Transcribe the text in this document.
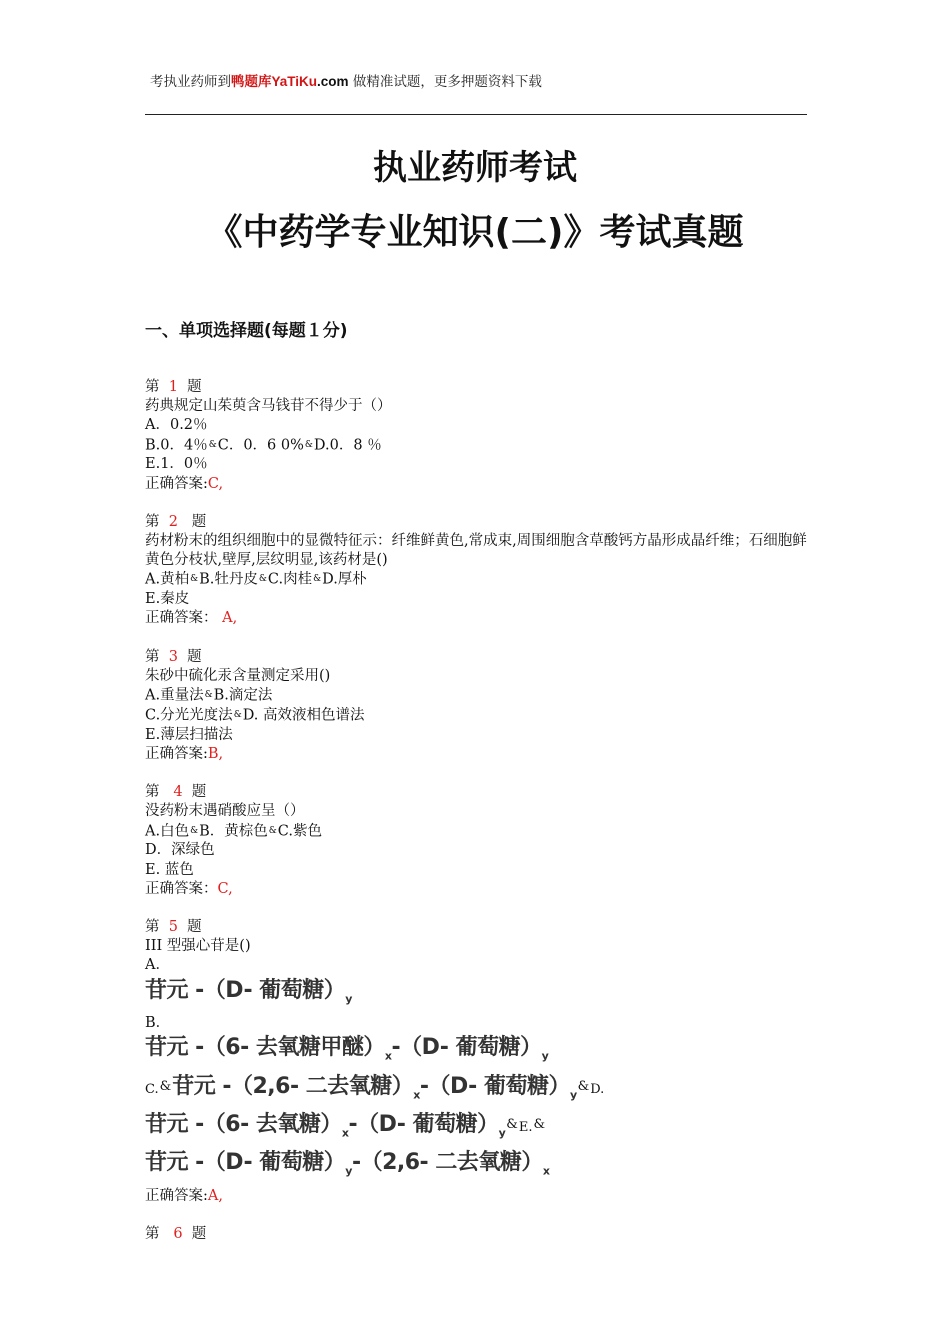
考执业药师到鸭题库YaTiKu.com 做精准试题，更多押题资料下载
执业药师考试
《中药学专业知识(二)》考试真题
一、单项选择题(每题１分)
第 1 题
药典规定山茱萸含马钱苷不得少于（）
A．0.2％
B.0．4％&C．0．6 0%&D.0．8 ％
E.1．0％
正确答案:C,
第 2 题
药材粉末的组织细胞中的显微特征示：纤维鲜黄色,常成束,周围细胞含草酸钙方晶形成晶纤维；石细胞鲜黄色分枝状,壁厚,层纹明显,该药材是()
A.黄柏&B.牡丹皮&C.肉桂&D.厚朴
E.秦皮
正确答案： A,
第 3 题
朱砂中硫化汞含量测定采用()
A.重量法&B.滴定法
C.分光光度法&D. 高效液相色谱法
E.薄层扫描法
正确答案:B,
第 4 题
没药粉末遇硝酸应呈（）
A.白色&B．黄棕色&C.紫色
D．深绿色
E. 蓝色
正确答案：C,
第 5 题
III 型强心苷是()
A．
苷元 -（D- 葡萄糖）$_y$
B．
苷元 -（6- 去氧糖甲醚）$_x-(D-$ 葡萄糖）$_y$
C.&苷元 -（2,6- 二去氧糖）$_x-(D-$ 葡萄糖）$_y\&D$.
苷元 -（6- 去氧糖）$_x-(D-$ 葡萄糖）$_y\&E.\&$
苷元 -（D- 葡萄糖）$_y-(2,6-$ 二去氧糖）$_x$
正确答案:A,
第 6 题
